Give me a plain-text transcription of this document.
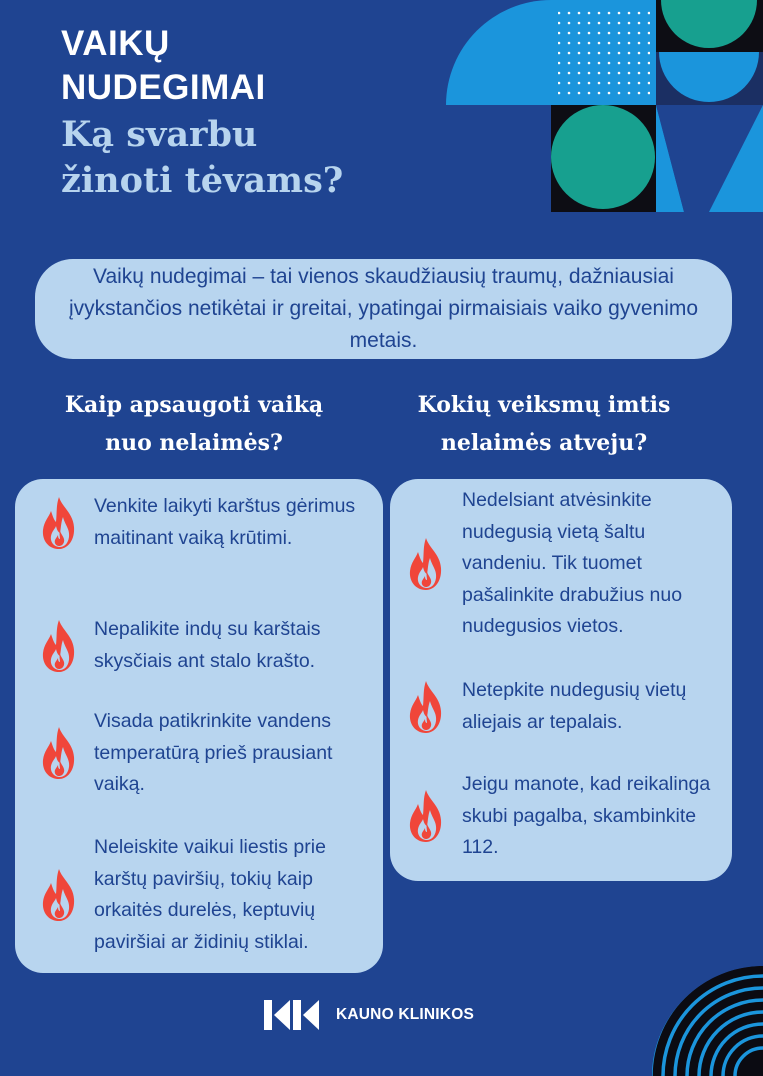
VAIKŲ
NUDEGIMAI
Ką svarbu
žinoti tėvams?
Vaikų nudegimai – tai vienos skaudžiausių traumų, dažniausiai įvykstančios netikėtai ir greitai, ypatingai pirmaisiais vaiko gyvenimo metais.
Kaip apsaugoti vaiką
nuo nelaimės?
Kokių veiksmų imtis
nelaimės atveju?
Venkite laikyti karštus gėrimus maitinant vaiką krūtimi.
Nepalikite indų su karštais skysčiais ant stalo krašto.
Visada patikrinkite vandens temperatūrą prieš prausiant vaiką.
Neleiskite vaikui liestis prie karštų paviršių, tokių kaip orkaitės durelės, keptuvių paviršiai ar židinių stiklai.
Nedelsiant atvėsinkite nudegusią vietą šaltu vandeniu. Tik tuomet pašalinkite drabužius nuo nudegusios vietos.
Netepkite nudegusių vietų aliejais ar tepalais.
Jeigu manote, kad reikalinga skubi pagalba, skambinkite 112.
KAUNO KLINIKOS
